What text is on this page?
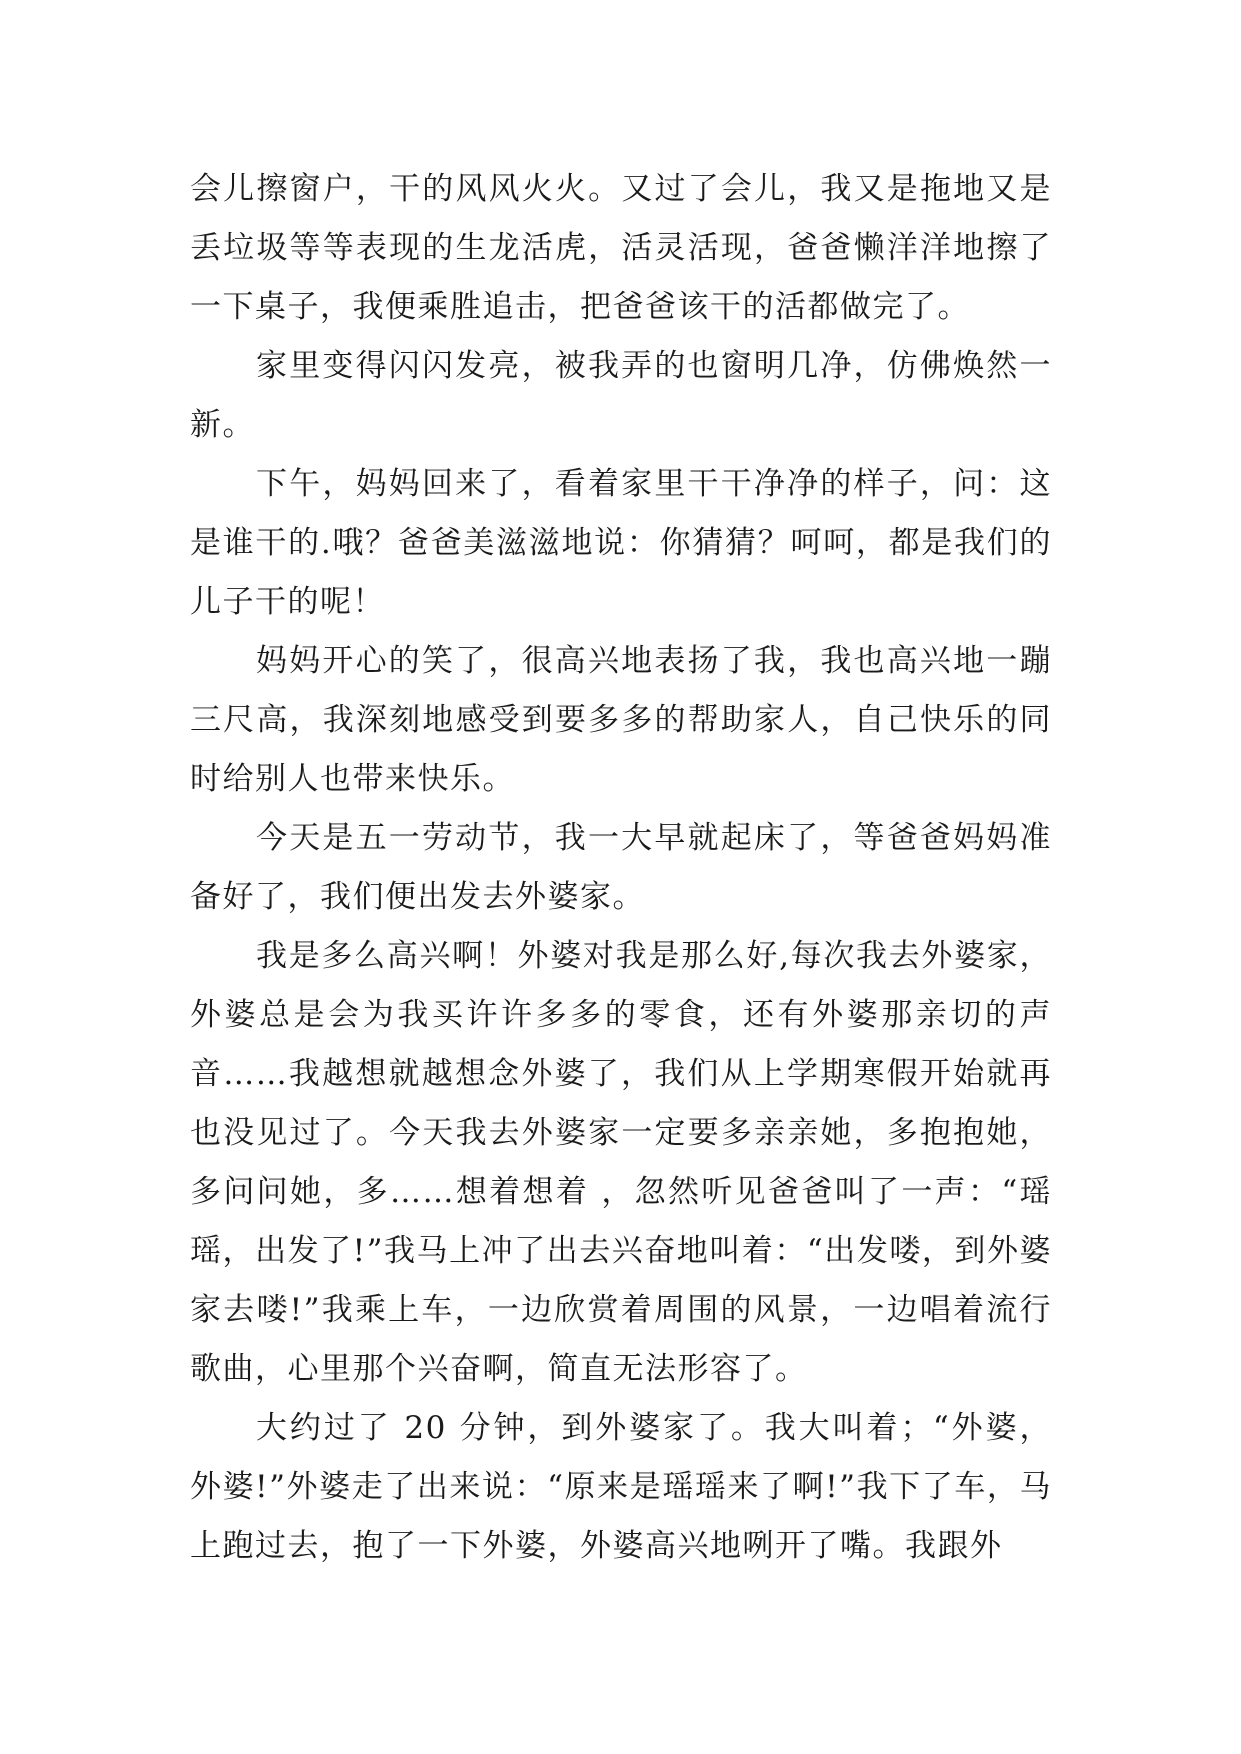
会儿擦窗户，干的风风火火。又过了会儿，我又是拖地又是丢垃圾等等表现的生龙活虎，活灵活现，爸爸懒洋洋地擦了一下桌子，我便乘胜追击，把爸爸该干的活都做完了。

家里变得闪闪发亮，被我弄的也窗明几净，仿佛焕然一新。

下午，妈妈回来了，看着家里干干净净的样子，问：这是谁干的.哦？爸爸美滋滋地说：你猜猜？呵呵，都是我们的儿子干的呢！

妈妈开心的笑了，很高兴地表扬了我，我也高兴地一蹦三尺高，我深刻地感受到要多多的帮助家人，自己快乐的同时给别人也带来快乐。

今天是五一劳动节，我一大早就起床了，等爸爸妈妈准备好了，我们便出发去外婆家。

我是多么高兴啊！外婆对我是那么好,每次我去外婆家，外婆总是会为我买许许多多的零食，还有外婆那亲切的声音……我越想就越想念外婆了，我们从上学期寒假开始就再也没见过了。今天我去外婆家一定要多亲亲她，多抱抱她，多问问她，多……想着想着 ，忽然听见爸爸叫了一声：“瑶瑶，出发了!”我马上冲了出去兴奋地叫着：“出发喽，到外婆家去喽!”我乘上车，一边欣赏着周围的风景，一边唱着流行歌曲，心里那个兴奋啊，简直无法形容了。

大约过了 20 分钟，到外婆家了。我大叫着；“外婆，外婆!”外婆走了出来说：“原来是瑶瑶来了啊!”我下了车，马上跑过去，抱了一下外婆，外婆高兴地咧开了嘴。我跟外
